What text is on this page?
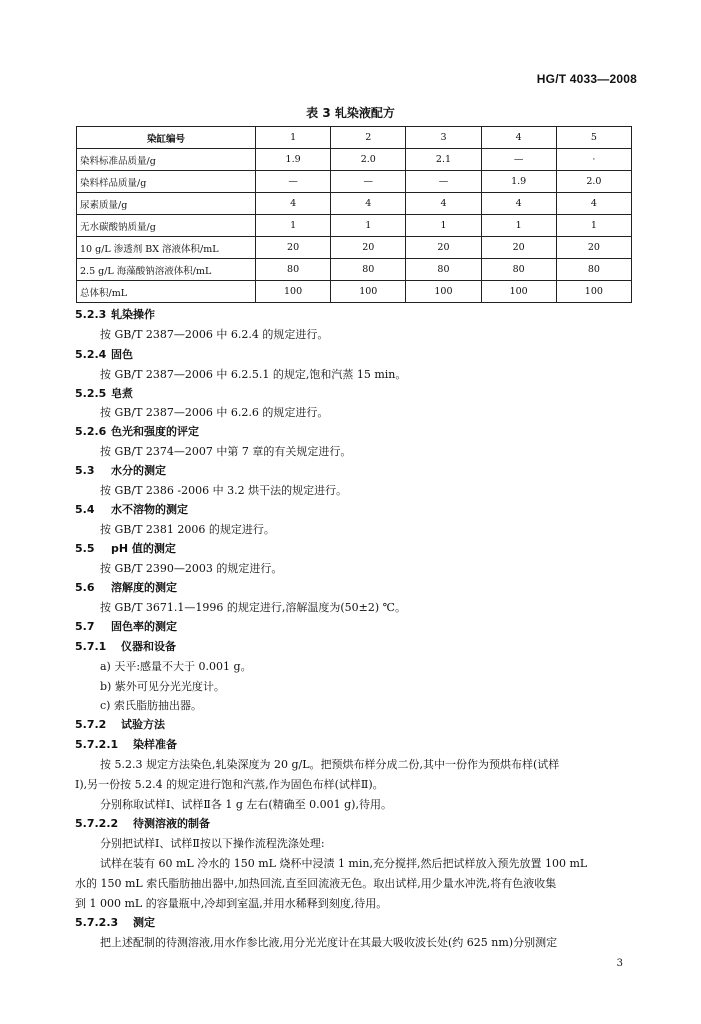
HG/T 4033—2008
表 3 轧染液配方
染缸编号	1	2	3	4	5
染料标准品质量/g	1.9	2.0	2.1	—	·
染料样品质量/g	—	—	—	1.9	2.0
尿素质量/g	4	4	4	4	4
无水碳酸钠质量/g	1	1	1	1	1
10 g/L 渗透剂 BX 溶液体积/mL	20	20	20	20	20
2.5 g/L 海藻酸钠溶液体积/mL	80	80	80	80	80
总体积/mL	100	100	100	100	100
5.2.3 轧染操作
按 GB/T 2387—2006 中 6.2.4 的规定进行。
5.2.4 固色
按 GB/T 2387—2006 中 6.2.5.1 的规定,饱和汽蒸 15 min。
5.2.5 皂煮
按 GB/T 2387—2006 中 6.2.6 的规定进行。
5.2.6 色光和强度的评定
按 GB/T 2374—2007 中第 7 章的有关规定进行。
5.3 水分的测定
按 GB/T 2386 -2006 中 3.2 烘干法的规定进行。
5.4 水不溶物的测定
按 GB/T 2381 2006 的规定进行。
5.5 pH 值的测定
按 GB/T 2390—2003 的规定进行。
5.6 溶解度的测定
按 GB/T 3671.1—1996 的规定进行,溶解温度为(50±2) ℃。
5.7 固色率的测定
5.7.1 仪器和设备
a) 天平:感量不大于 0.001 g。
b) 紫外可见分光光度计。
c) 索氏脂肪抽出器。
5.7.2 试验方法
5.7.2.1 染样准备
按 5.2.3 规定方法染色,轧染深度为 20 g/L。把预烘布样分成二份,其中一份作为预烘布样(试样
Ⅰ),另一份按 5.2.4 的规定进行饱和汽蒸,作为固色布样(试样Ⅱ)。
分别称取试样Ⅰ、试样Ⅱ各 1 g 左右(精确至 0.001 g),待用。
5.7.2.2 待测溶液的制备
分别把试样Ⅰ、试样Ⅱ按以下操作流程洗涤处理:
试样在装有 60 mL 冷水的 150 mL 烧杯中浸渍 1 min,充分搅拌,然后把试样放入预先放置 100 mL
水的 150 mL 索氏脂肪抽出器中,加热回流,直至回流液无色。取出试样,用少量水冲洗,将有色液收集
到 1 000 mL 的容量瓶中,冷却到室温,并用水稀释到刻度,待用。
5.7.2.3 测定
把上述配制的待测溶液,用水作参比液,用分光光度计在其最大吸收波长处(约 625 nm)分别测定
3
